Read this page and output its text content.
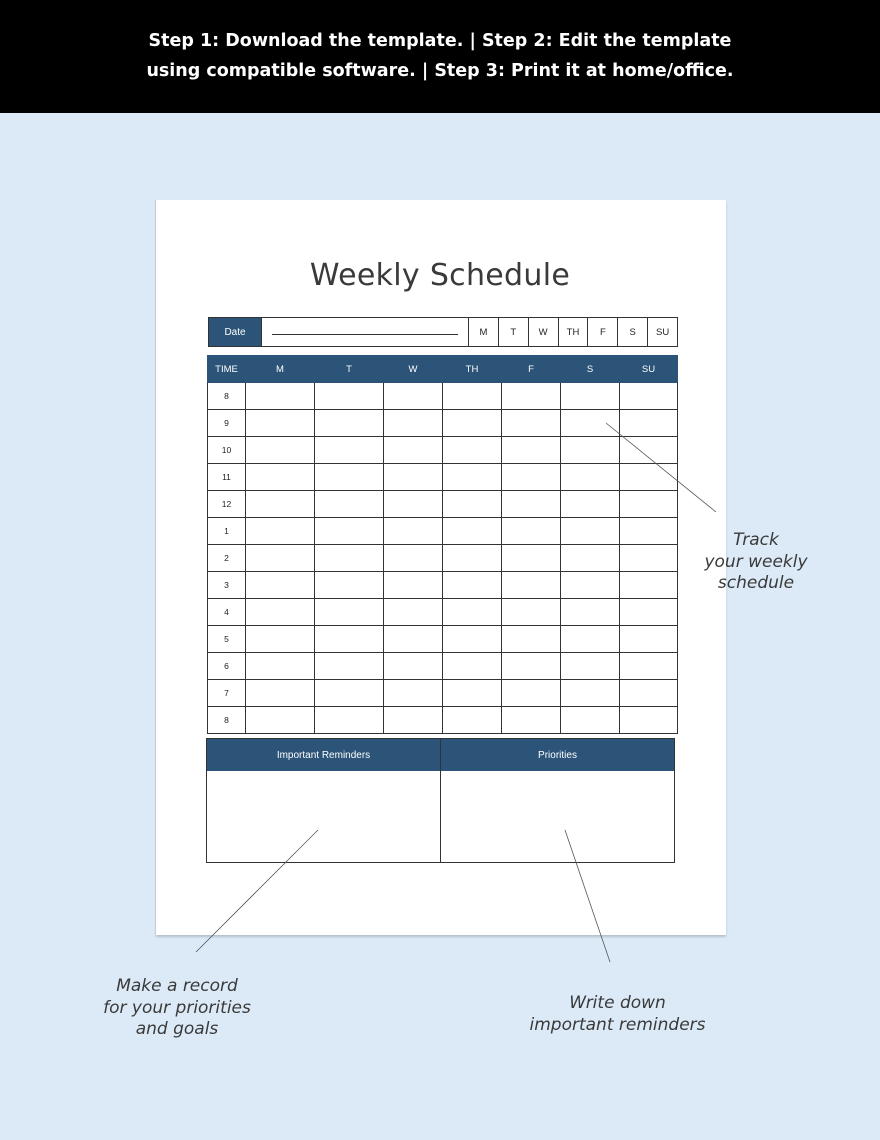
Step 1: Download the template. | Step 2: Edit the template
using compatible software. | Step 3: Print it at home/office.
Weekly Schedule
Date	M	T	W	TH	F	S	SU
TIME	M	T	W	TH	F	S	SU
8							
9							
10							
11							
12							
1							
2							
3							
4							
5							
6							
7							
8							
Important Reminders	Priorities
Track
your weekly
schedule
Make a record
for your priorities
and goals
Write down
important reminders
